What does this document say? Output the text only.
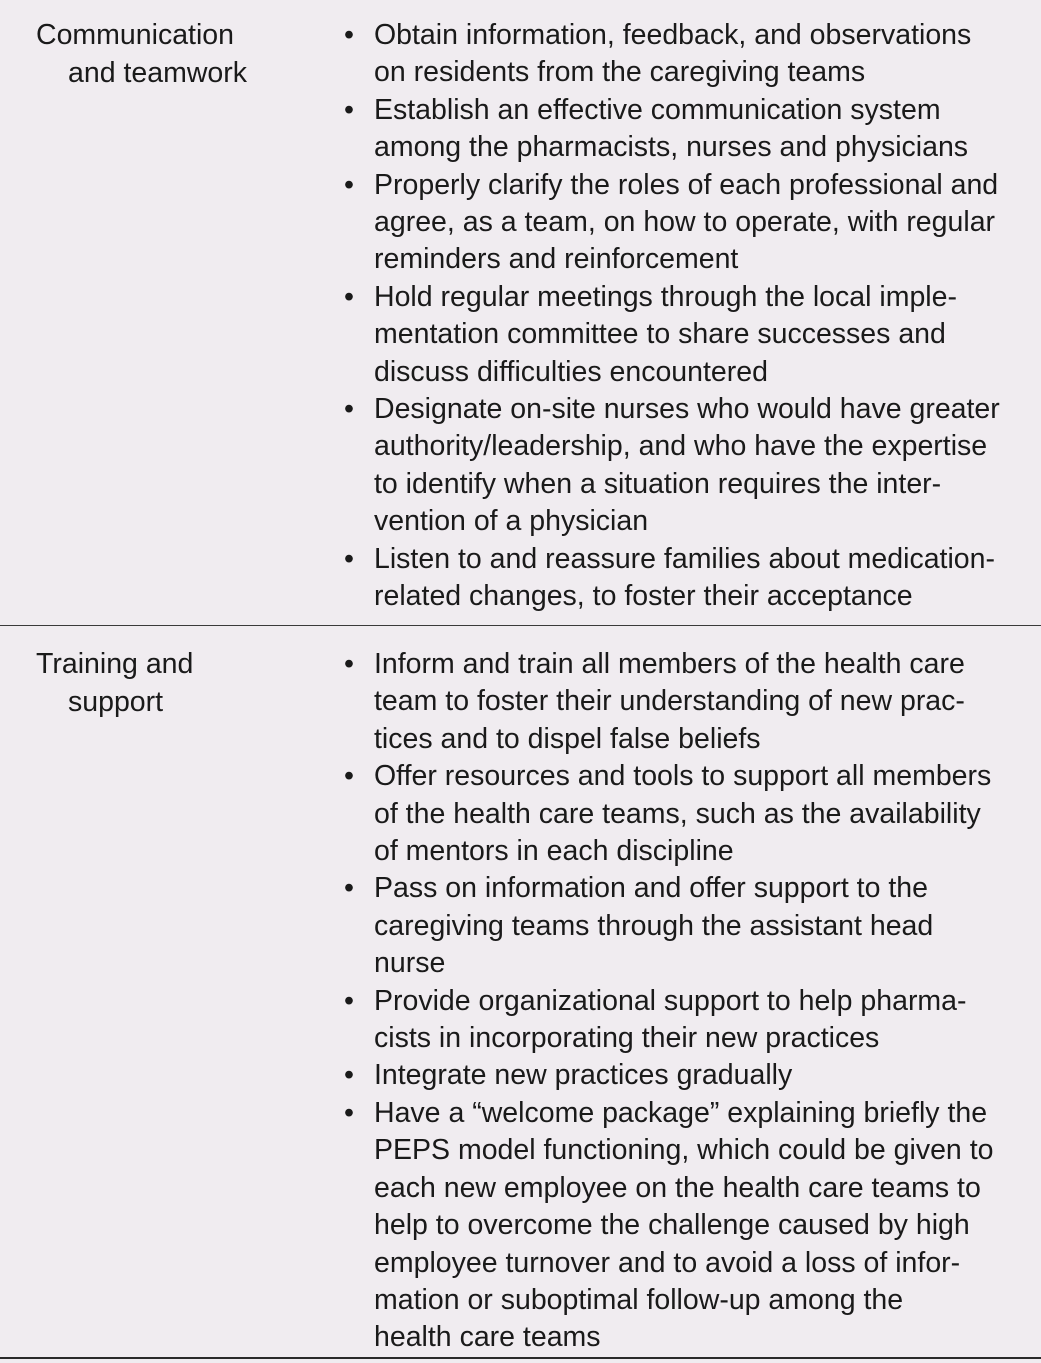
Communication
and teamwork
• Obtain information, feedback, and observations
on residents from the caregiving teams
• Establish an effective communication system
among the pharmacists, nurses and physicians
• Properly clarify the roles of each professional and
agree, as a team, on how to operate, with regular
reminders and reinforcement
• Hold regular meetings through the local imple-
mentation committee to share successes and
discuss difficulties encountered
• Designate on-site nurses who would have greater
authority/leadership, and who have the expertise
to identify when a situation requires the inter-
vention of a physician
• Listen to and reassure families about medication-
related changes, to foster their acceptance
Training and
support
• Inform and train all members of the health care
team to foster their understanding of new prac-
tices and to dispel false beliefs
• Offer resources and tools to support all members
of the health care teams, such as the availability
of mentors in each discipline
• Pass on information and offer support to the
caregiving teams through the assistant head
nurse
• Provide organizational support to help pharma-
cists in incorporating their new practices
• Integrate new practices gradually
• Have a “welcome package” explaining briefly the
PEPS model functioning, which could be given to
each new employee on the health care teams to
help to overcome the challenge caused by high
employee turnover and to avoid a loss of infor-
mation or suboptimal follow-up among the
health care teams
